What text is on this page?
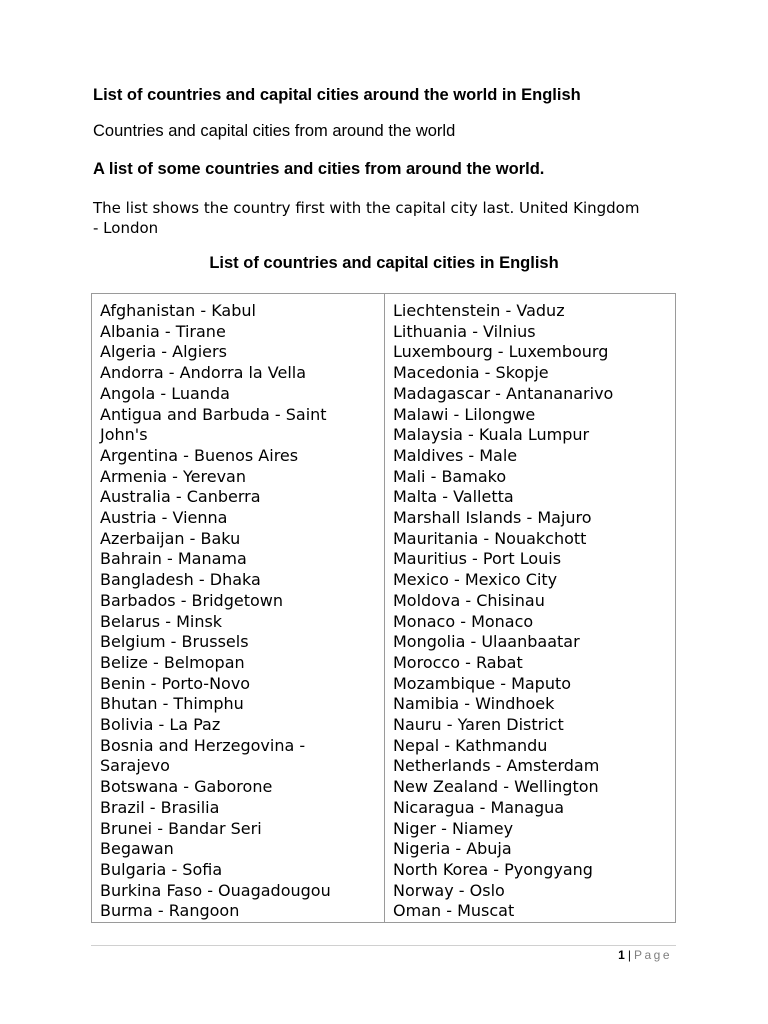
List of countries and capital cities around the world in English
Countries and capital cities from around the world
A list of some countries and cities from around the world.
The list shows the country first with the capital city last. United Kingdom
- London
List of countries and capital cities in English
Afghanistan - Kabul
Albania - Tirane
Algeria - Algiers
Andorra - Andorra la Vella
Angola - Luanda
Antigua and Barbuda - Saint
John's
Argentina - Buenos Aires
Armenia - Yerevan
Australia - Canberra
Austria - Vienna
Azerbaijan - Baku
Bahrain - Manama
Bangladesh - Dhaka
Barbados - Bridgetown
Belarus - Minsk
Belgium - Brussels
Belize - Belmopan
Benin - Porto-Novo
Bhutan - Thimphu
Bolivia - La Paz
Bosnia and Herzegovina -
Sarajevo
Botswana - Gaborone
Brazil - Brasilia
Brunei - Bandar Seri
Begawan
Bulgaria - Sofia
Burkina Faso - Ouagadougou
Burma - Rangoon
Liechtenstein - Vaduz
Lithuania - Vilnius
Luxembourg - Luxembourg
Macedonia - Skopje
Madagascar - Antananarivo
Malawi - Lilongwe
Malaysia - Kuala Lumpur
Maldives - Male
Mali - Bamako
Malta - Valletta
Marshall Islands - Majuro
Mauritania - Nouakchott
Mauritius - Port Louis
Mexico - Mexico City
Moldova - Chisinau
Monaco - Monaco
Mongolia - Ulaanbaatar
Morocco - Rabat
Mozambique - Maputo
Namibia - Windhoek
Nauru - Yaren District
Nepal - Kathmandu
Netherlands - Amsterdam
New Zealand - Wellington
Nicaragua - Managua
Niger - Niamey
Nigeria - Abuja
North Korea - Pyongyang
Norway - Oslo
Oman - Muscat
1 | Page
